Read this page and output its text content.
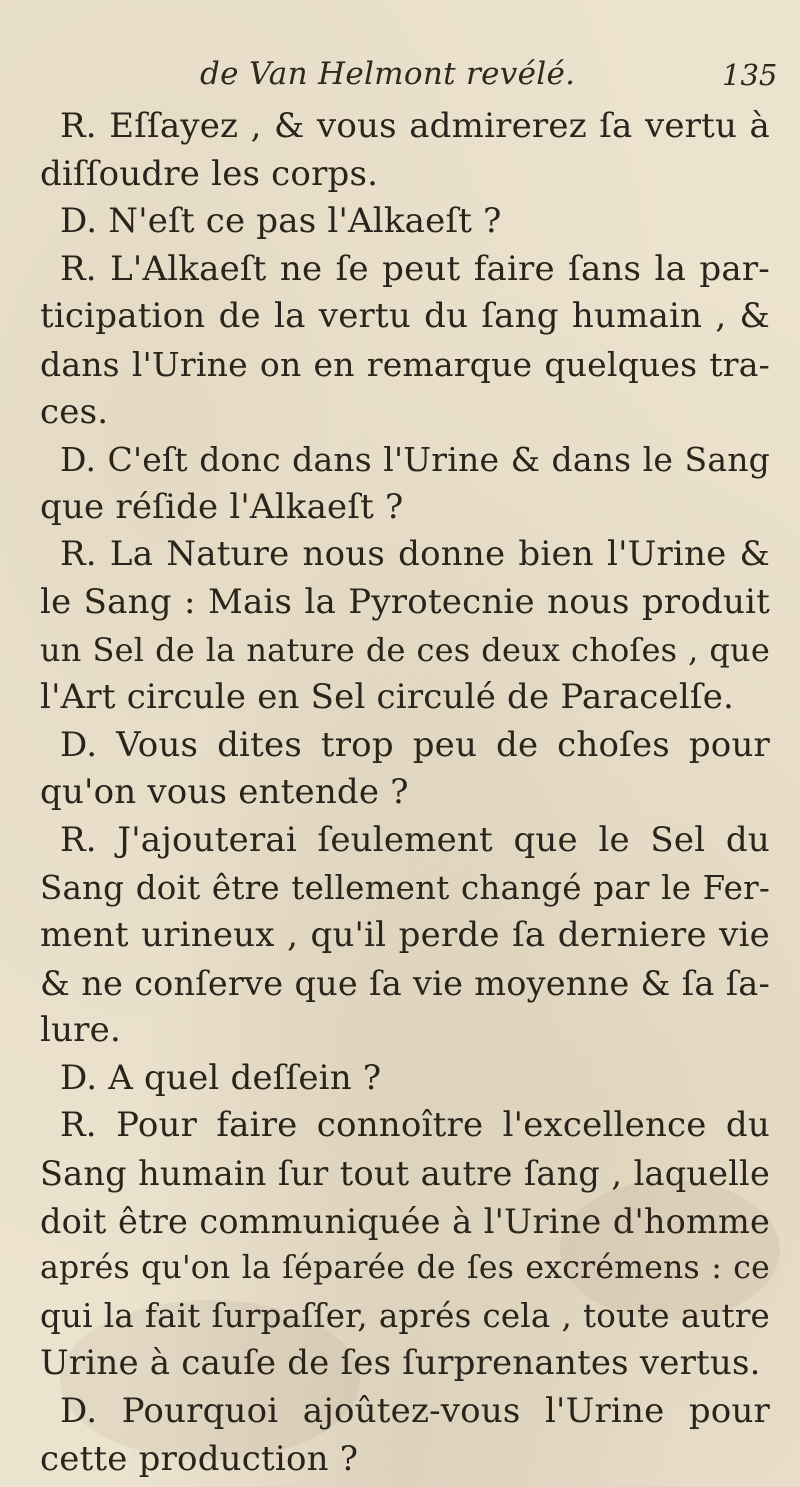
de Van Helmont revélé.	135
R. Eſſayez , & vous admirerez ſa vertu à
diſſoudre les corps.
D. N'eſt ce pas l'Alkaeſt ?
R. L'Alkaeſt ne ſe peut faire ſans la par-
ticipation de la vertu du ſang humain , &
dans l'Urine on en remarque quelques tra-
ces.
D. C'eſt donc dans l'Urine & dans le Sang
que réſide l'Alkaeſt ?
R. La Nature nous donne bien l'Urine &
le Sang : Mais la Pyrotecnie nous produit
un Sel de la nature de ces deux choſes , que
l'Art circule en Sel circulé de Paracelſe.
D. Vous dites trop peu de choſes pour
qu'on vous entende ?
R. J'ajouterai ſeulement que le Sel du
Sang doit être tellement changé par le Fer-
ment urineux , qu'il perde ſa derniere vie
& ne conſerve que ſa vie moyenne & ſa ſa-
lure.
D. A quel deſſein ?
R. Pour faire connoître l'excellence du
Sang humain ſur tout autre ſang , laquelle
doit être communiquée à l'Urine d'homme
aprés qu'on la ſéparée de ſes excrémens : ce
qui la fait ſurpaſſer, aprés cela , toute autre
Urine à cauſe de ſes ſurprenantes vertus.
D. Pourquoi ajoûtez-vous l'Urine pour
cette production ?
